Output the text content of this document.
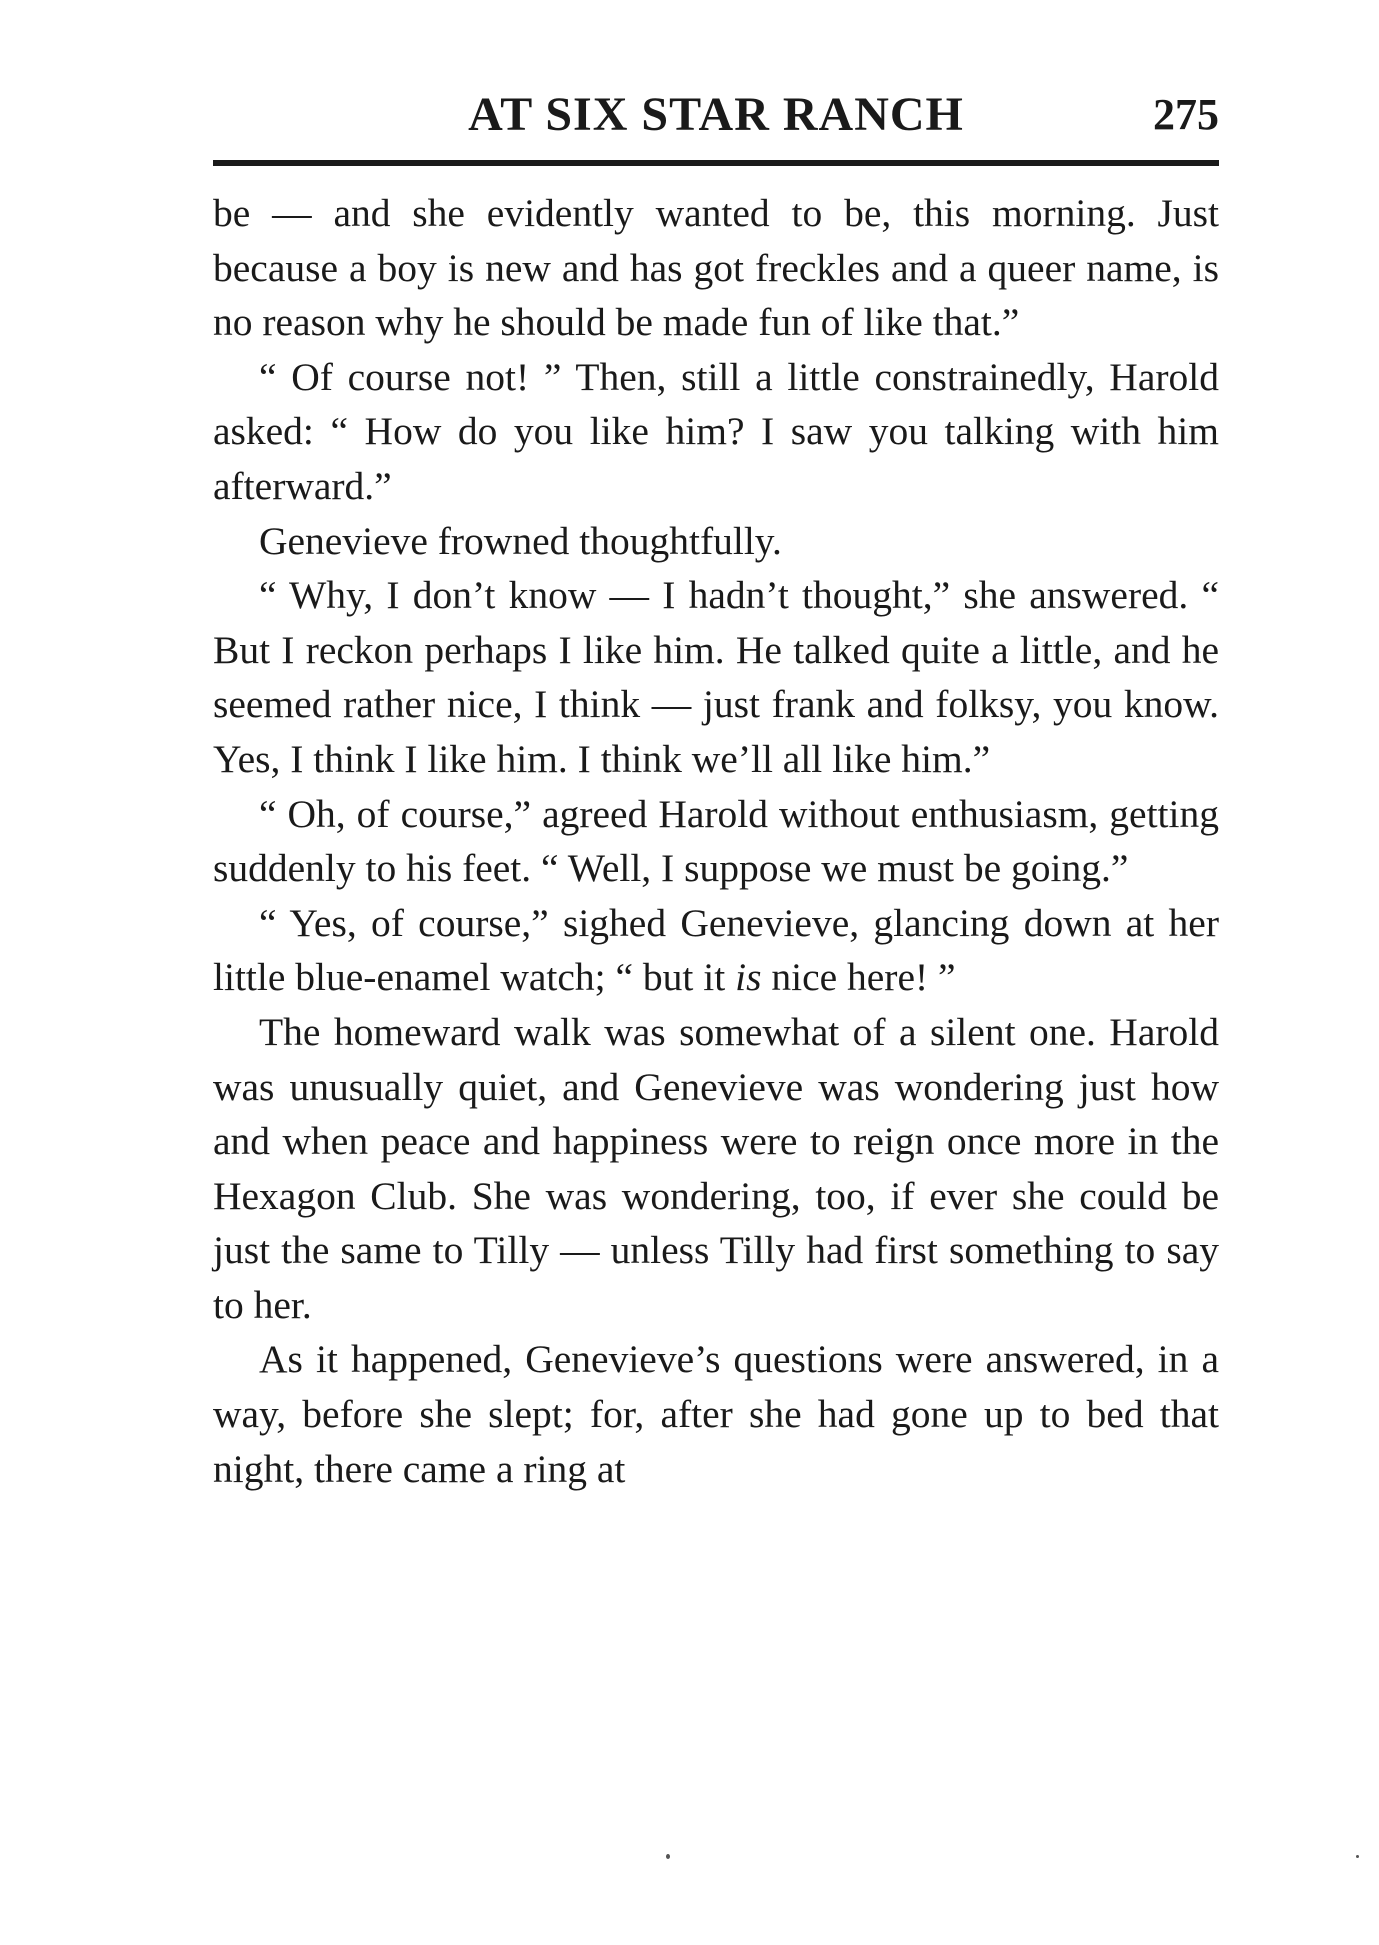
AT SIX STAR RANCH	275

be — and she evidently wanted to be, this morning. Just because a boy is new and has got freckles and a queer name, is no reason why he should be made fun of like that.”

“ Of course not! ” Then, still a little constrainedly, Harold asked: “ How do you like him? I saw you talking with him afterward.”

Genevieve frowned thoughtfully.

“ Why, I don’t know — I hadn’t thought,” she answered. “ But I reckon perhaps I like him. He talked quite a little, and he seemed rather nice, I think — just frank and folksy, you know. Yes, I think I like him. I think we’ll all like him.”

“ Oh, of course,” agreed Harold without enthusiasm, getting suddenly to his feet. “ Well, I suppose we must be going.”

“ Yes, of course,” sighed Genevieve, glancing down at her little blue-enamel watch; “ but it is nice here! ”

The homeward walk was somewhat of a silent one. Harold was unusually quiet, and Genevieve was wondering just how and when peace and happiness were to reign once more in the Hexagon Club. She was wondering, too, if ever she could be just the same to Tilly — unless Tilly had first something to say to her.

As it happened, Genevieve’s questions were answered, in a way, before she slept; for, after she had gone up to bed that night, there came a ring at
